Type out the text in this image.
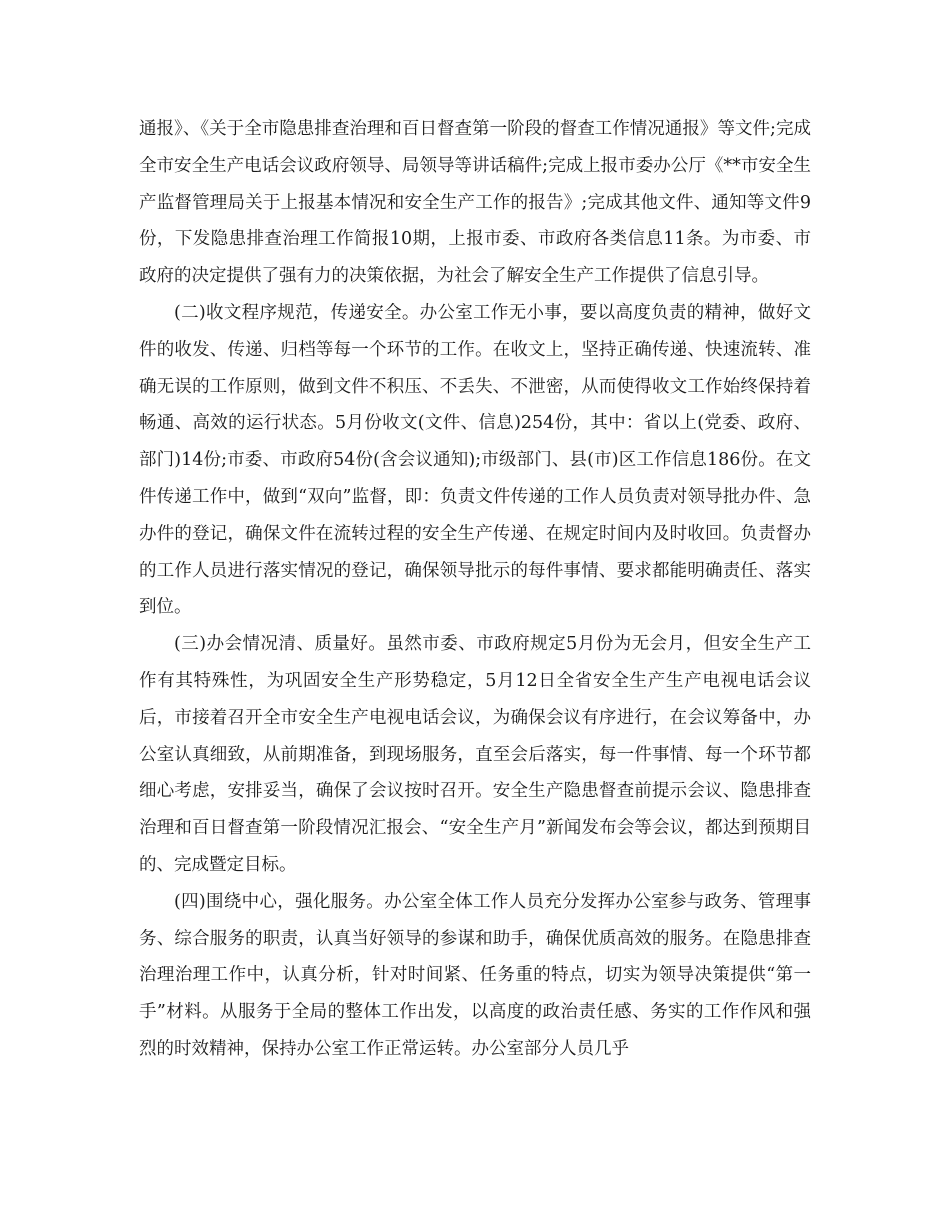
通报》、《关于全市隐患排查治理和百日督查第一阶段的督查工作情况通报》等文件;完成全市安全生产电话会议政府领导、局领导等讲话稿件;完成上报市委办公厅《**市安全生产监督管理局关于上报基本情况和安全生产工作的报告》;完成其他文件、通知等文件9份，下发隐患排查治理工作简报10期，上报市委、市政府各类信息11条。为市委、市政府的决定提供了强有力的决策依据，为社会了解安全生产工作提供了信息引导。

(二)收文程序规范，传递安全。办公室工作无小事，要以高度负责的精神，做好文件的收发、传递、归档等每一个环节的工作。在收文上，坚持正确传递、快速流转、准确无误的工作原则，做到文件不积压、不丢失、不泄密，从而使得收文工作始终保持着畅通、高效的运行状态。5月份收文(文件、信息)254份，其中：省以上(党委、政府、部门)14份;市委、市政府54份(含会议通知);市级部门、县(市)区工作信息186份。在文件传递工作中，做到“双向”监督，即：负责文件传递的工作人员负责对领导批办件、急办件的登记，确保文件在流转过程的安全生产传递、在规定时间内及时收回。负责督办的工作人员进行落实情况的登记，确保领导批示的每件事情、要求都能明确责任、落实到位。

(三)办会情况清、质量好。虽然市委、市政府规定5月份为无会月，但安全生产工作有其特殊性，为巩固安全生产形势稳定，5月12日全省安全生产生产电视电话会议后，市接着召开全市安全生产电视电话会议，为确保会议有序进行，在会议筹备中，办公室认真细致，从前期准备，到现场服务，直至会后落实，每一件事情、每一个环节都细心考虑，安排妥当，确保了会议按时召开。安全生产隐患督查前提示会议、隐患排查治理和百日督查第一阶段情况汇报会、“安全生产月”新闻发布会等会议，都达到预期目的、完成暨定目标。

(四)围绕中心，强化服务。办公室全体工作人员充分发挥办公室参与政务、管理事务、综合服务的职责，认真当好领导的参谋和助手，确保优质高效的服务。在隐患排查治理治理工作中，认真分析，针对时间紧、任务重的特点，切实为领导决策提供“第一手”材料。从服务于全局的整体工作出发，以高度的政治责任感、务实的工作作风和强烈的时效精神，保持办公室工作正常运转。办公室部分人员几乎
